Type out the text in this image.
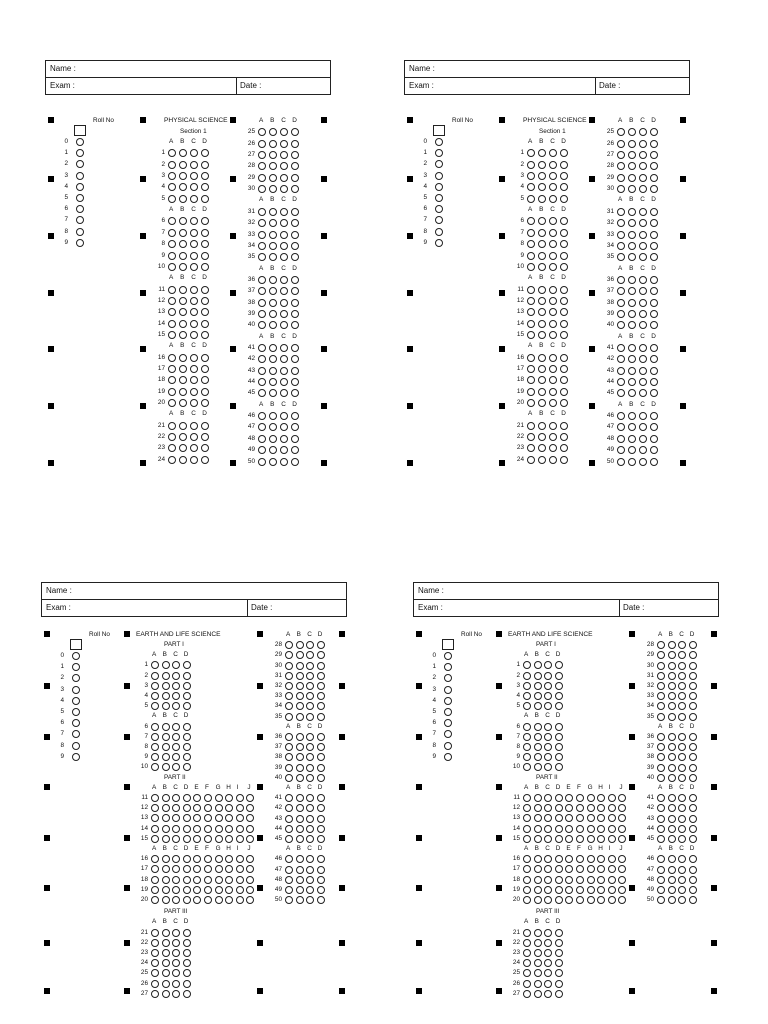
Name :
Exam :	Date :
PHYSICAL SCIENCE
Section 1
Roll No
0
1
2
3
4
5
6
7
8
9
A B C D
1
2
3
4
5
A B C D
6
7
8
9
10
A B C D
11
12
13
14
15
A B C D
16
17
18
19
20
A B C D
21
22
23
24
A B C D
25
26
27
28
29
30
A B C D
31
32
33
34
35
A B C D
36
37
38
39
40
A B C D
41
42
43
44
45
A B C D
46
47
48
49
50
Name :
Exam :	Date :
PHYSICAL SCIENCE
Section 1
Roll No
0
1
2
3
4
5
6
7
8
9
A B C D
1
2
3
4
5
A B C D
6
7
8
9
10
A B C D
11
12
13
14
15
A B C D
16
17
18
19
20
A B C D
21
22
23
24
A B C D
25
26
27
28
29
30
A B C D
31
32
33
34
35
A B C D
36
37
38
39
40
A B C D
41
42
43
44
45
A B C D
46
47
48
49
50
Name :
Exam :	Date :
EARTH AND LIFE SCIENCE
Roll No
0
1
2
3
4
5
6
7
8
9
PART I
A B C D
1
2
3
4
5
A B C D
6
7
8
9
10
PART II
A B C D E F G H I J
11
12
13
14
15
A B C D E F G H I J
16
17
18
19
20
PART III
A B C D
21
22
23
24
25
26
27
A B C D
28
29
30
31
32
33
34
35
A B C D
36
37
38
39
40
A B C D
41
42
43
44
45
A B C D
46
47
48
49
50
Name :
Exam :	Date :
EARTH AND LIFE SCIENCE
Roll No
0
1
2
3
4
5
6
7
8
9
PART I
A B C D
1
2
3
4
5
A B C D
6
7
8
9
10
PART II
A B C D E F G H I J
11
12
13
14
15
A B C D E F G H I J
16
17
18
19
20
PART III
A B C D
21
22
23
24
25
26
27
A B C D
28
29
30
31
32
33
34
35
A B C D
36
37
38
39
40
A B C D
41
42
43
44
45
A B C D
46
47
48
49
50
